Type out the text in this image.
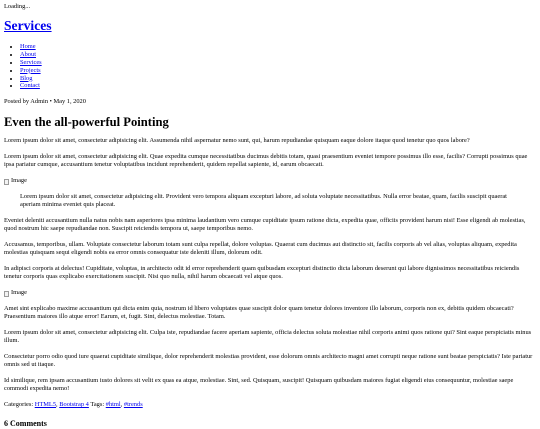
Loading...
Services
• Home
• About
• Services
• Projects
• Blog
• Contact
Posted by Admin • May 1, 2020
Even the all-powerful Pointing

Lorem ipsum dolor sit amet, consectetur adipisicing elit. Assumenda nihil aspernatur nemo sunt, qui, harum repudiandae quisquam eaque dolore itaque quod tenetur quo quos labore?

Lorem ipsum dolor sit amet, consectetur adipisicing elit. Quae expedita cumque necessitatibus ducimus debitis totam, quasi praesentium eveniet tempore possimus illo esse, facilis? Corrupti possimus quae ipsa pariatur cumque, accusantium tenetur voluptatibus incidunt reprehenderit, quidem repellat sapiente, id, earum obcaecati.

Image

Lorem ipsum dolor sit amet, consectetur adipisicing elit. Provident vero tempora aliquam excepturi labore, ad soluta voluptate necessitatibus. Nulla error beatae, quam, facilis suscipit quaerat aperiam minima eveniet quis placeat.

Eveniet deleniti accusantium nulla natus nobis nam asperiores ipsa minima laudantium vero cumque cupiditate ipsum ratione dicta, expedita quae, officiis provident harum nisi! Esse eligendi ab molestias, quod nostrum hic saepe repudiandae non. Suscipit reiciendis tempora ut, saepe temporibus nemo.

Accusamus, temporibus, ullam. Voluptate consectetur laborum totam sunt culpa repellat, dolore voluptas. Quaerat cum ducimus aut distinctio sit, facilis corporis ab vel alias, voluptas aliquam, expedita molestias quisquam sequi eligendi nobis ea error omnis consequatur iste deleniti illum, dolorum odit.

In adipisci corporis at delectus! Cupiditate, voluptas, in architecto odit id error reprehenderit quam quibusdam excepturi distinctio dicta laborum deserunt qui labore dignissimos necessitatibus reiciendis tenetur corporis quas explicabo exercitationem suscipit. Nisi quo nulla, nihil harum obcaecati vel atque quos.

Image

Amet sint explicabo maxime accusantium qui dicta enim quia, nostrum id libero voluptates quae suscipit dolor quam tenetur dolores inventore illo laborum, corporis non ex, debitis quidem obcaecati? Praesentium maiores illo atque error! Earum, et, fugit. Sint, delectus molestiae. Totam.

Lorem ipsum dolor sit amet, consectetur adipisicing elit. Culpa iste, repudiandae facere aperiam sapiente, officia delectus soluta molestiae nihil corporis animi quos ratione qui? Sint eaque perspiciatis minus illum.

Consectetur porro odio quod iure quaerat cupiditate similique, dolor reprehenderit molestias provident, esse dolorum omnis architecto magni amet corrupti neque ratione sunt beatae perspiciatis? Iste pariatur omnis sed ut itaque.

Id similique, rem ipsam accusantium iusto dolores sit velit ex quas ea atque, molestiae. Sint, sed. Quisquam, suscipit! Quisquam quibusdam maiores fugiat eligendi eius consequuntur, molestiae saepe commodi expedita nemo!

Categories: HTML5, Bootstrap 4 Tags: #html, #trends
6 Comments
